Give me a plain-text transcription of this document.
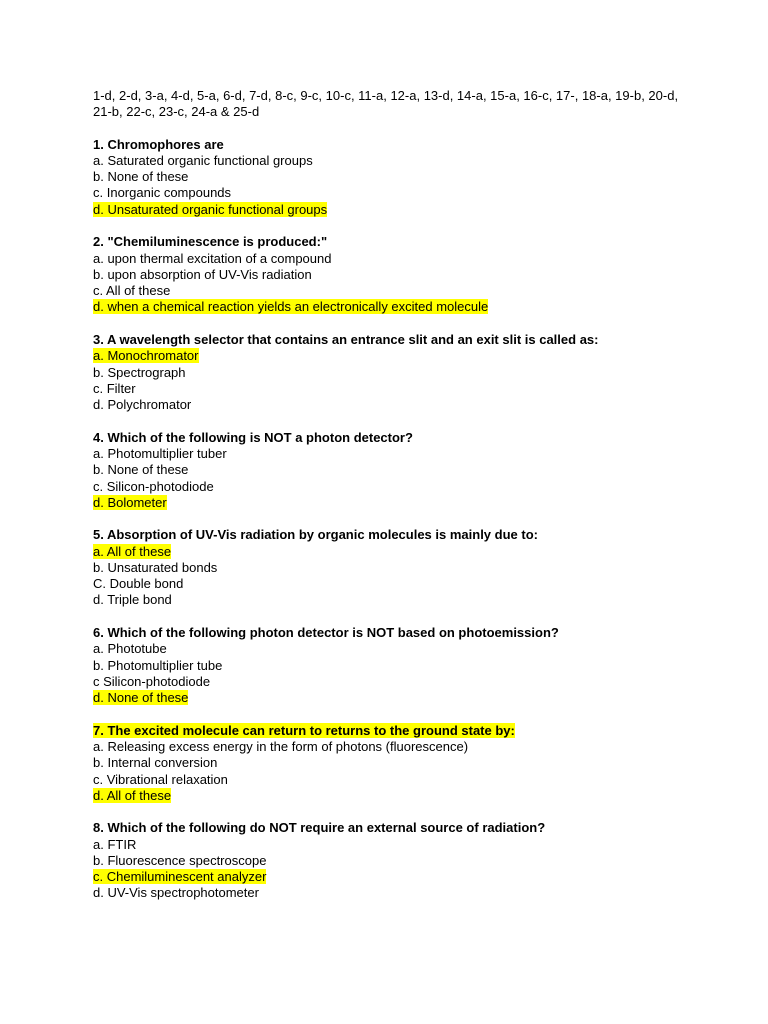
1-d, 2-d, 3-a, 4-d, 5-a, 6-d, 7-d, 8-c, 9-c, 10-c, 11-a, 12-a, 13-d, 14-a, 15-a, 16-c, 17-, 18-a, 19-b, 20-d,
21-b, 22-c, 23-c, 24-a & 25-d
1. Chromophores are
a. Saturated organic functional groups
b. None of these
c. Inorganic compounds
d. Unsaturated organic functional groups
2. "Chemiluminescence is produced:"
a. upon thermal excitation of a compound
b. upon absorption of UV-Vis radiation
c. All of these
d. when a chemical reaction yields an electronically excited molecule
3. A wavelength selector that contains an entrance slit and an exit slit is called as:
a. Monochromator
b. Spectrograph
c. Filter
d. Polychromator
4. Which of the following is NOT a photon detector?
a. Photomultiplier tuber
b. None of these
c. Silicon-photodiode
d. Bolometer
5. Absorption of UV-Vis radiation by organic molecules is mainly due to:
a. All of these
b. Unsaturated bonds
C. Double bond
d. Triple bond
6. Which of the following photon detector is NOT based on photoemission?
a. Phototube
b. Photomultiplier tube
c Silicon-photodiode
d. None of these
7. The excited molecule can return to returns to the ground state by:
a. Releasing excess energy in the form of photons (fluorescence)
b. Internal conversion
c. Vibrational relaxation
d. All of these
8. Which of the following do NOT require an external source of radiation?
a. FTIR
b. Fluorescence spectroscope
c. Chemiluminescent analyzer
d. UV-Vis spectrophotometer
